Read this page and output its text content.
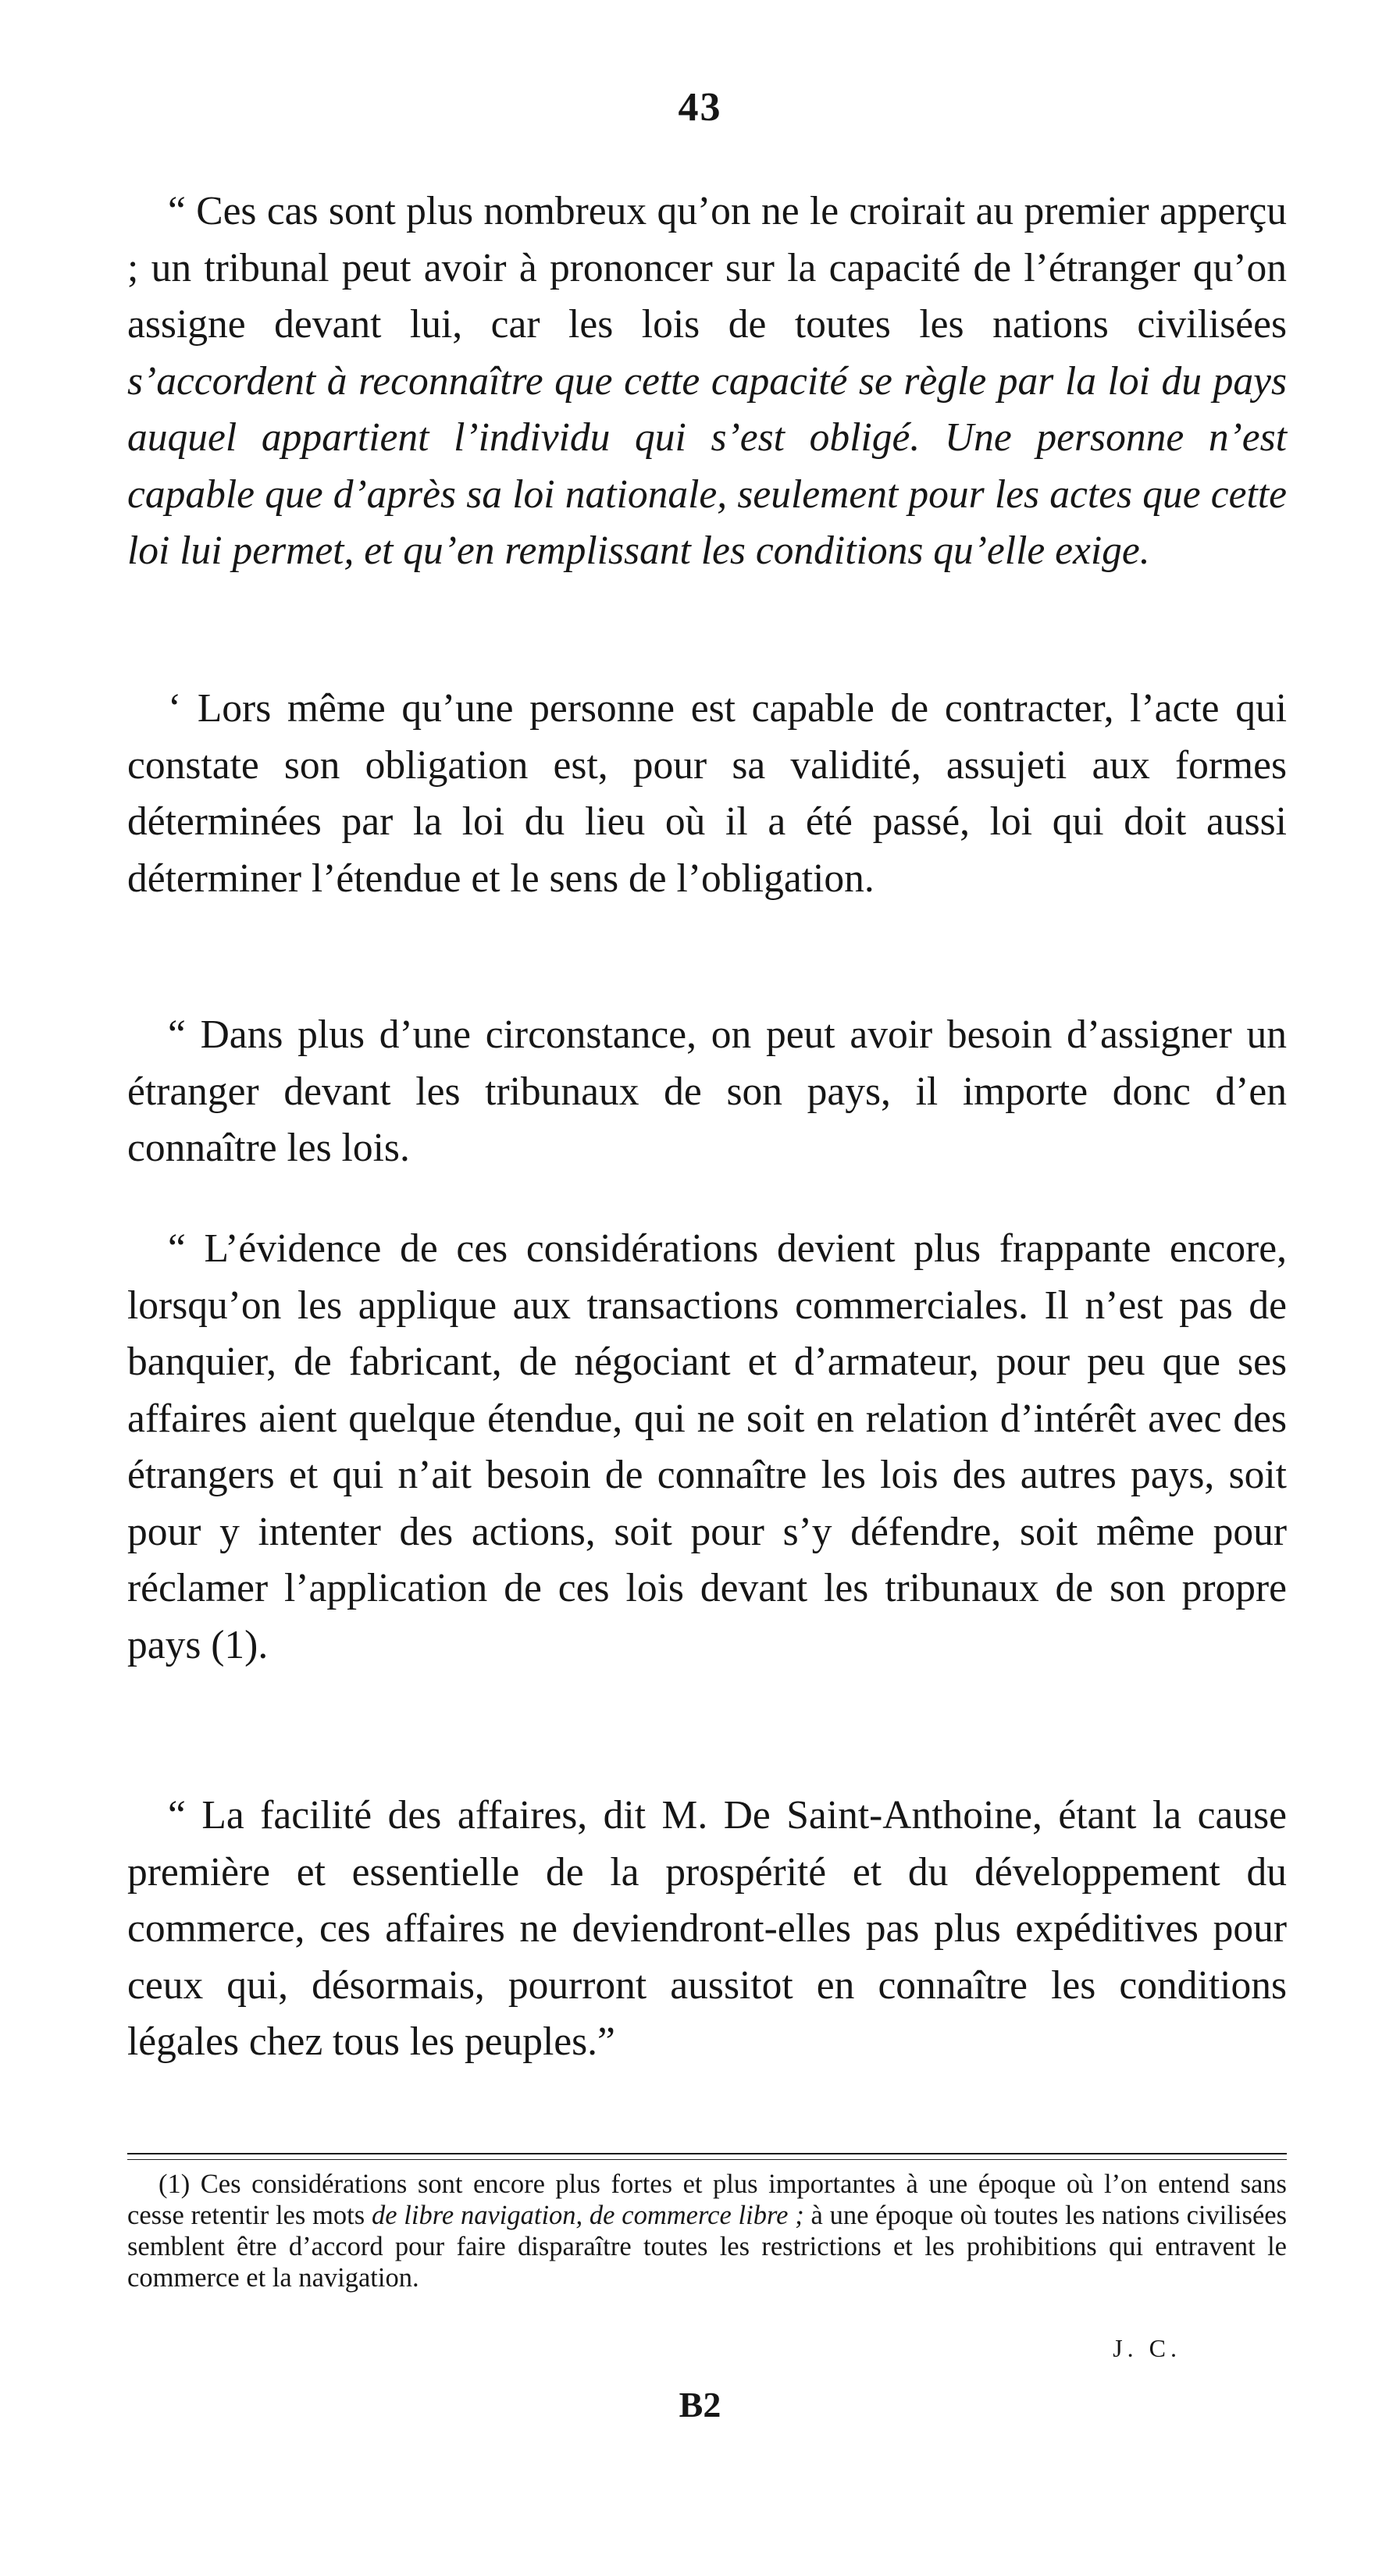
43

“ Ces cas sont plus nombreux qu’on ne le croirait au premier apperçu ; un tribunal peut avoir à prononcer sur la capacité de l’étranger qu’on assigne devant lui, car les lois de toutes les nations civilisées s’accordent à reconnaître que cette capacité se règle par la loi du pays auquel appartient l’individu qui s’est obligé. Une personne n’est capable que d’après sa loi nationale, seulement pour les actes que cette loi lui permet, et qu’en remplissant les conditions qu’elle exige.

‘ Lors même qu’une personne est capable de contracter, l’acte qui constate son obligation est, pour sa validité, assujeti aux formes déterminées par la loi du lieu où il a été passé, loi qui doit aussi déterminer l’étendue et le sens de l’obligation.

“ Dans plus d’une circonstance, on peut avoir besoin d’assigner un étranger devant les tribunaux de son pays, il importe donc d’en connaître les lois.

“ L’évidence de ces considérations devient plus frappante encore, lorsqu’on les applique aux transactions commerciales. Il n’est pas de banquier, de fabricant, de négociant et d’armateur, pour peu que ses affaires aient quelque étendue, qui ne soit en relation d’intérêt avec des étrangers et qui n’ait besoin de connaître les lois des autres pays, soit pour y intenter des actions, soit pour s’y défendre, soit même pour réclamer l’application de ces lois devant les tribunaux de son propre pays (1).

“ La facilité des affaires, dit M. De Saint-Anthoine, étant la cause première et essentielle de la prospérité et du développement du commerce, ces affaires ne deviendront-elles pas plus expéditives pour ceux qui, désormais, pourront aussitot en connaître les conditions légales chez tous les peuples.”

(1) Ces considérations sont encore plus fortes et plus importantes à une époque où l’on entend sans cesse retentir les mots de libre navigation, de commerce libre ; à une époque où toutes les nations civilisées semblent être d’accord pour faire disparaître toutes les restrictions et les prohibitions qui entravent le commerce et la navigation.

J. C.
B2
